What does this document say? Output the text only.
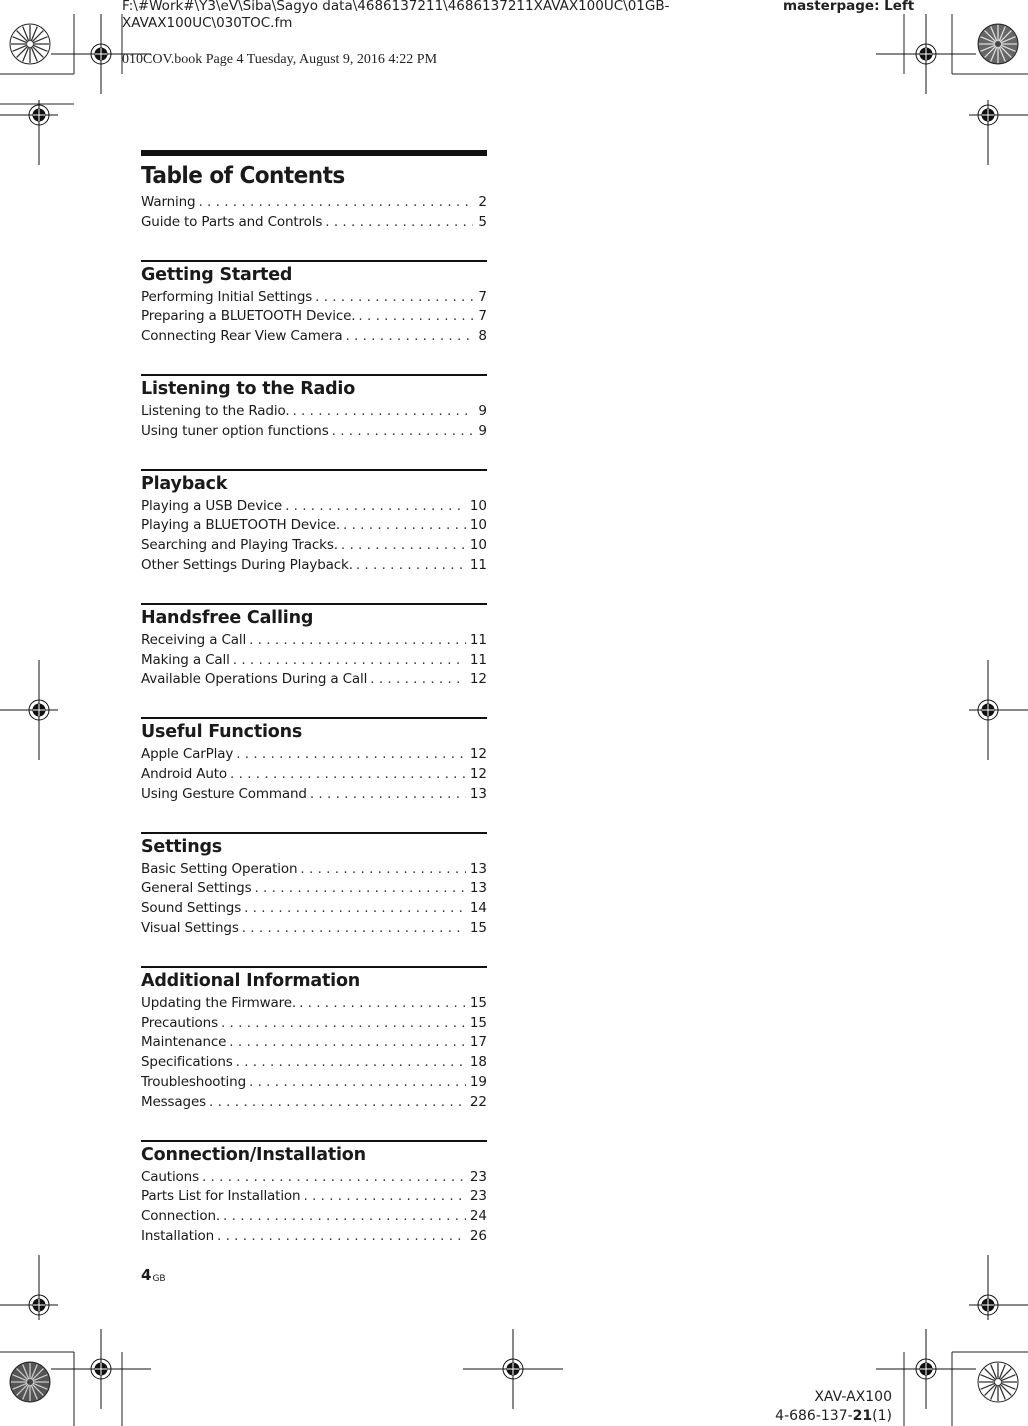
F:\#Work#\Y3\eV\Siba\Sagyo data\4686137211\4686137211XAVAX100UC\01GB-XAVAX100UC\030TOC.fm
masterpage: Left
010COV.book Page 4 Tuesday, August 9, 2016 4:22 PM
Table of Contents
Warning . . .	2
Guide to Parts and Controls . . .	5
Getting Started
Performing Initial Settings . . .	7
Preparing a BLUETOOTH Device. . . .	7
Connecting Rear View Camera . . .	8
Listening to the Radio
Listening to the Radio. . . .	9
Using tuner option functions . . .	9
Playback
Playing a USB Device . . .	10
Playing a BLUETOOTH Device. . . .	10
Searching and Playing Tracks. . . .	10
Other Settings During Playback. . . .	11
Handsfree Calling
Receiving a Call . . .	11
Making a Call . . .	11
Available Operations During a Call . . .	12
Useful Functions
Apple CarPlay . . .	12
Android Auto . . .	12
Using Gesture Command . . .	13
Settings
Basic Setting Operation . . .	13
General Settings . . .	13
Sound Settings . . .	14
Visual Settings . . .	15
Additional Information
Updating the Firmware. . . .	15
Precautions . . .	15
Maintenance . . .	17
Specifications . . .	18
Troubleshooting . . .	19
Messages . . .	22
Connection/Installation
Cautions . . .	23
Parts List for Installation . . .	23
Connection. . . .	24
Installation . . .	26
$4_{GB}$
XAV-AX100
4-686-137-21(1)
